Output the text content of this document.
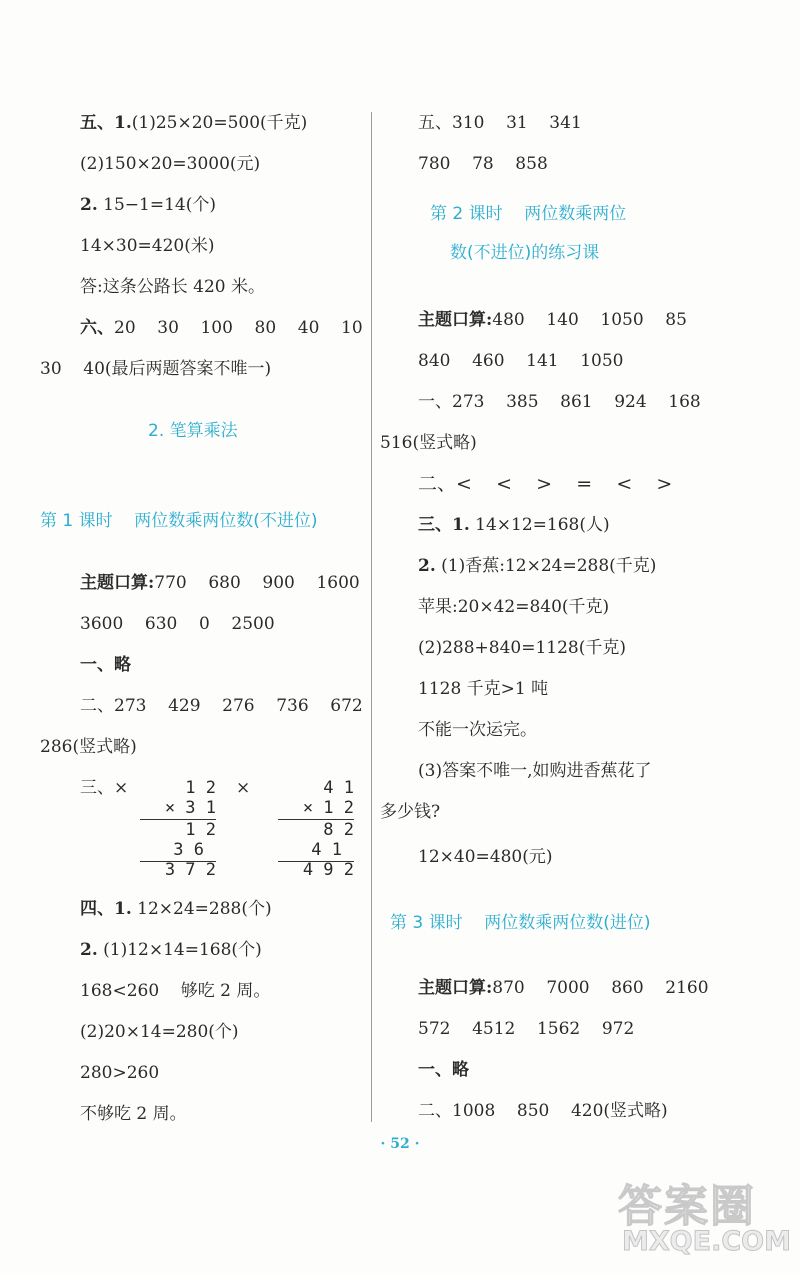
五、1.(1)25×20=500(千克)
(2)150×20=3000(元)
2. 15−1=14(个)
14×30=420(米)
答:这条公路长 420 米。
六、20    30    100    80    40    10
30    40(最后两题答案不唯一)
2. 笔算乘法
第 1 课时    两位数乘两位数(不进位)
主题口算:770    680    900    1600
3600    630    0    2500
一、略
二、273    429    276    736    672
286(竖式略)
三、×	×
1 2
× 3 1
1 2
3 6
3 7 2
4 1
× 1 2
8 2
4 1
4 9 2
四、1. 12×24=288(个)
2. (1)12×14=168(个)
168<260    够吃 2 周。
(2)20×14=280(个)
280>260
不够吃 2 周。
五、310    31    341
780    78    858
第 2 课时    两位数乘两位
数(不进位)的练习课
主题口算:480    140    1050    85
840    460    141    1050
一、273    385    861    924    168
516(竖式略)
二、<    <    >    =    <    >
三、1. 14×12=168(人)
2. (1)香蕉:12×24=288(千克)
苹果:20×42=840(千克)
(2)288+840=1128(千克)
1128 千克>1 吨
不能一次运完。
(3)答案不唯一,如购进香蕉花了
多少钱?
12×40=480(元)
第 3 课时    两位数乘两位数(进位)
主题口算:870    7000    860    2160
572    4512    1562    972
一、略
二、1008    850    420(竖式略)
· 52 ·
答案圈
MXQE.COM
